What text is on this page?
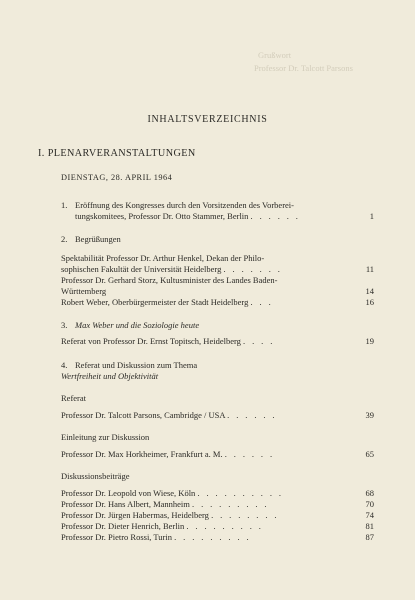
Grußwort
Professor Dr. Talcott Parsons
INHALTSVERZEICHNIS
I. PLENARVERANSTALTUNGEN
DIENSTAG, 28. APRIL 1964
1. Eröffnung des Kongresses durch den Vorsitzenden des Vorberei-
tungskomitees, Professor Dr. Otto Stammer, Berlin . . . . . .	1
2. Begrüßungen
Spektabilität Professor Dr. Arthur Henkel, Dekan der Philo-
sophischen Fakultät der Universität Heidelberg . . . . . . .	11
Professor Dr. Gerhard Storz, Kultusminister des Landes Baden-
Württemberg	14
Robert Weber, Oberbürgermeister der Stadt Heidelberg . . .	16
3. Max Weber und die Soziologie heute
Referat von Professor Dr. Ernst Topitsch, Heidelberg . . . .	19
4. Referat und Diskussion zum Thema
Wertfreiheit und Objektivität
Referat
Professor Dr. Talcott Parsons, Cambridge / USA . . . . . .	39
Einleitung zur Diskussion
Professor Dr. Max Horkheimer, Frankfurt a. M. . . . . . .	65
Diskussionsbeiträge
Professor Dr. Leopold von Wiese, Köln . . . . . . . . . .	68
Professor Dr. Hans Albert, Mannheim . . . . . . . . .	70
Professor Dr. Jürgen Habermas, Heidelberg . . . . . . . .	74
Professor Dr. Dieter Henrich, Berlin . . . . . . . . .	81
Professor Dr. Pietro Rossi, Turin . . . . . . . . .	87
